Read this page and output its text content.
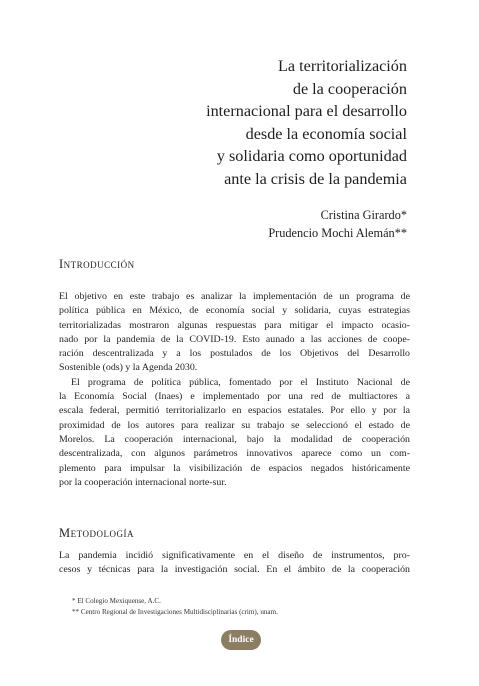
La territorialización
de la cooperación
internacional para el desarrollo
desde la economía social
y solidaria como oportunidad
ante la crisis de la pandemia
Cristina Girardo*
Prudencio Mochi Alemán**
Introducción

El objetivo en este trabajo es analizar la implementación de un programa de
política pública en México, de economía social y solidaria, cuyas estrategias
territorializadas mostraron algunas respuestas para mitigar el impacto ocasio-
nado por la pandemia de la COVID-19. Esto aunado a las acciones de coope-
ración descentralizada y a los postulados de los Objetivos del Desarrollo
Sostenible (ods) y la Agenda 2030.

El programa de política pública, fomentado por el Instituto Nacional de
la Economía Social (Inaes) e implementado por una red de multiactores a
escala federal, permitió territorializarlo en espacios estatales. Por ello y por la
proximidad de los autores para realizar su trabajo se seleccionó el estado de
Morelos. La cooperación internacional, bajo la modalidad de cooperación
descentralizada, con algunos parámetros innovativos aparece como un com-
plemento para impulsar la visibilización de espacios negados históricamente
por la cooperación internacional norte-sur.

Metodología

La pandemia incidió significativamente en el diseño de instrumentos, pro-
cesos y técnicas para la investigación social. En el ámbito de la cooperación

* El Colegio Mexiquense, A.C.
** Centro Regional de Investigaciones Multidisciplinarias (crim), unam.
Índice
